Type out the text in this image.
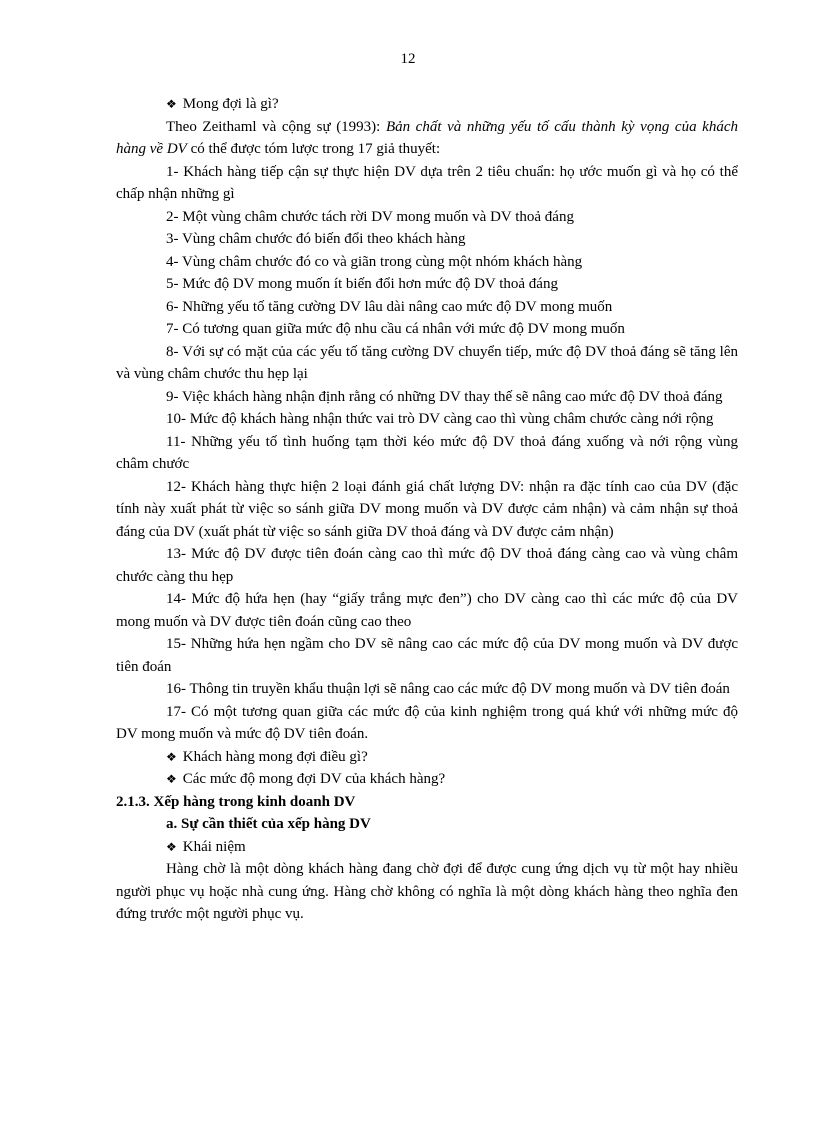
12

❖ Mong đợi là gì?

Theo Zeithaml và cộng sự (1993): Bản chất và những yếu tố cấu thành kỳ vọng của khách hàng về DV có thể được tóm lược trong 17 giả thuyết:

1- Khách hàng tiếp cận sự thực hiện DV dựa trên 2 tiêu chuẩn: họ ước muốn gì và họ có thể chấp nhận những gì

2- Một vùng châm chước tách rời DV mong muốn và DV thoả đáng

3- Vùng châm chước đó biến đổi theo khách hàng

4- Vùng châm chước đó co và giãn trong cùng một nhóm khách hàng

5- Mức độ DV mong muốn ít biến đổi hơn mức độ DV thoả đáng

6- Những yếu tố tăng cường DV lâu dài nâng cao mức độ DV mong muốn

7- Có tương quan giữa mức độ nhu cầu cá nhân với mức độ DV mong muốn

8- Với sự có mặt của các yếu tố tăng cường DV chuyển tiếp, mức độ DV thoả đáng sẽ tăng lên và vùng châm chước thu hẹp lại

9- Việc khách hàng nhận định rằng có những DV thay thế sẽ nâng cao mức độ DV thoả đáng

10- Mức độ khách hàng nhận thức vai trò DV càng cao thì vùng châm chước càng nới rộng

11- Những yếu tố tình huống tạm thời kéo mức độ DV thoả đáng xuống và nới rộng vùng châm chước

12- Khách hàng thực hiện 2 loại đánh giá chất lượng DV: nhận ra đặc tính cao của DV (đặc tính này xuất phát từ việc so sánh giữa DV mong muốn và DV được cảm nhận) và cảm nhận sự thoả đáng của DV (xuất phát từ việc so sánh giữa DV thoả đáng và DV được cảm nhận)

13- Mức độ DV được tiên đoán càng cao thì mức độ DV thoả đáng càng cao và vùng châm chước càng thu hẹp

14- Mức độ hứa hẹn (hay “giấy trắng mực đen”) cho DV càng cao thì các mức độ của DV mong muốn và DV được tiên đoán cũng cao theo

15- Những hứa hẹn ngầm cho DV sẽ nâng cao các mức độ của DV mong muốn và DV được tiên đoán

16- Thông tin truyền khẩu thuận lợi sẽ nâng cao các mức độ DV mong muốn và DV tiên đoán

17- Có một tương quan giữa các mức độ của kinh nghiệm trong quá khứ với những mức độ DV mong muốn và mức độ DV tiên đoán.

❖ Khách hàng mong đợi điều gì?

❖ Các mức độ mong đợi DV của khách hàng?

2.1.3. Xếp hàng trong kinh doanh DV

a. Sự cần thiết của xếp hàng DV

❖ Khái niệm

Hàng chờ là một dòng khách hàng đang chờ đợi để được cung ứng dịch vụ từ một hay nhiều người phục vụ hoặc nhà cung ứng. Hàng chờ không có nghĩa là một dòng khách hàng theo nghĩa đen đứng trước một người phục vụ.
